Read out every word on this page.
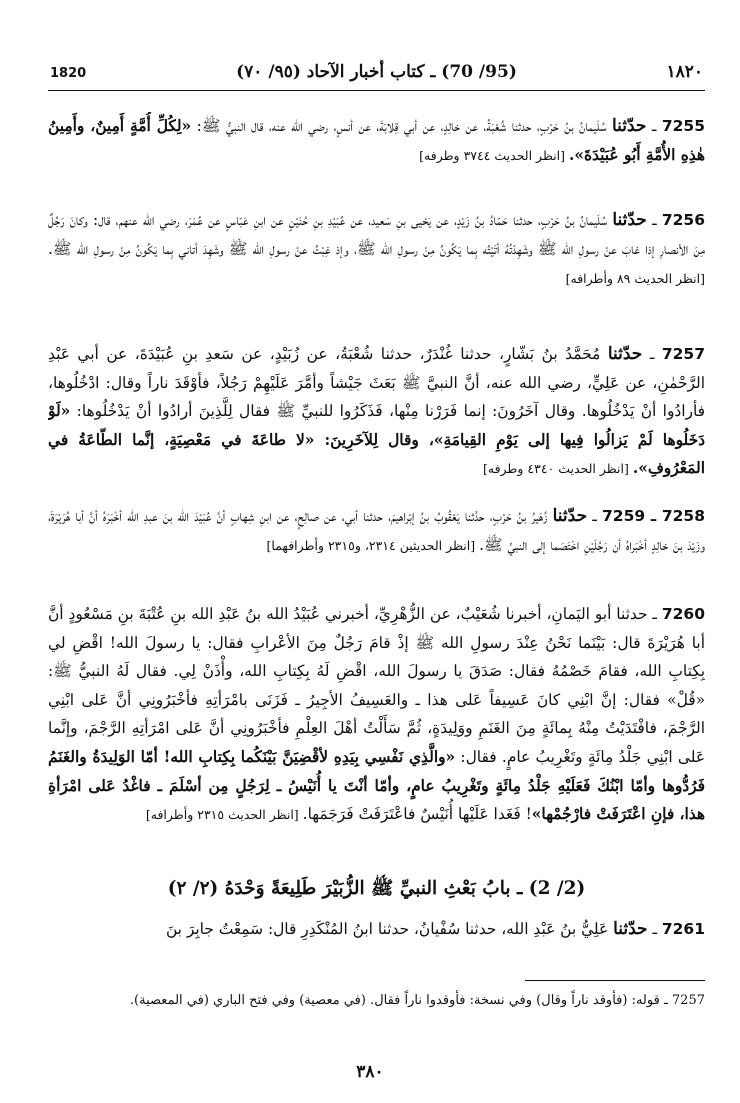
1820	(95/ 70) ـ كتاب أخبار الآحاد (٩٥/ ٧٠)	١٨٢٠
7255 ـ حدّثنا سُلَيمانُ بنُ حَرْبٍ، حدثنا شُعْبَةُ، عن خالِدٍ، عن أبي قِلابَةَ، عن أنسٍ، رضي الله عنه، قال النبيُّ ﷺ: «لِكُلِّ أُمَّةٍ أَمِينٌ، وأَمِينُ هٰذِهِ الأُمَّةِ أَبُو عُبَيْدَةَ». [انظر الحديث ٣٧٤٤ وطرفه]
7256 ـ حدّثنا سُلَيمانُ بنُ حَرْبٍ، حدثنا حَمّادُ بنُ زَيْدٍ، عن يَحْيى بنِ سَعيد، عن عُبَيْدِ بنِ حُنَيْنٍ عن ابنِ عَبّاسٍ عن عُمَرَ، رضي الله عنهم، قال: وكانَ رَجُلٌ مِنَ الأنصارِ إذا غابَ عنْ رسولِ الله ﷺ وشَهِدْتُهُ أتَيْتُه بِما يَكُونُ مِنْ رسولِ الله ﷺ، وإذ غِبْتُ عنْ رسولِ الله ﷺ وشَهِدَ أتاني بِما يَكُونُ مِنْ رسولِ الله ﷺ. [انظر الحديث ٨٩ وأطرافه]
7257 ـ حدّثنا مُحَمَّدُ بنُ بَشّارٍ، حدثنا غُنْدَرٌ، حدثنا شُعْبَةُ، عن زُبَيْدٍ، عن سَعدِ بنِ عُبَيْدَةَ، عن أبي عَبْدِ الرَّحْمٰنِ، عن عَلِيٍّ، رضي الله عنه، أنَّ النبيَّ ﷺ بَعَثَ جَيْشاً وأمَّرَ عَلَيْهِمْ رَجُلاً، فأوْقَدَ ناراً وقال: ادْخُلُوها، فأرادُوا أنْ يَدْخُلُوها. وقال آخَرُونَ: إنما فَرَرْنا مِنْها، فَذَكَرُوا للنبيِّ ﷺ فقال لِلَّذِينَ أرادُوا أنْ يَدْخُلُوها: «لَوْ دَخَلُوها لَمْ يَزالُوا فِيها إلى يَوْمِ القِيامَةِ»، وقال لِلآخَرِينَ: «لا طاعَةَ في مَعْصِيَةٍ، إنَّما الطّاعَةُ في المَعْرُوفِ». [انظر الحديث ٤٣٤٠ وطرفه]
7258 ـ 7259 ـ حدّثنا زُهَيرُ بنُ حَرْبٍ، حدَّثنا يَعْقُوبُ بنُ إبْراهيمَ، حدثنا أبي، عن صالِحٍ، عن ابنِ شِهابٍ أنَّ عُبَيْدَ الله بنَ عبدِ الله أخْبَرَهُ أنَّ أبا هُرَيْرَةَ، وزَيْدَ بنَ خالِدٍ أخْبَراهُ أن رَجُلَيْنِ اخْتَصَما إلى النبيِّ ﷺ. [انظر الحديثين ٢٣١٤، و٢٣١٥ وأطرافهما]
7260 ـ حدثنا أبو اليَمانِ، أخبرنا شُعَيْبٌ، عن الزُّهْرِيِّ، أخبرني عُبَيْدُ الله بنُ عَبْدِ الله بنِ عُتْبَةَ بنِ مَسْعُودٍ أنَّ أبا هُرَيْرَةَ قال: بَيْنَما نَحْنُ عِنْدَ رسولِ الله ﷺ إذْ قامَ رَجُلٌ مِنَ الأعْرابِ فقال: يا رسولَ الله! اقْضِ لي بِكِتابِ الله، فقامَ خَصْمُهُ فقال: صَدَقَ يا رسولَ الله، اقْضِ لَهُ بِكِتابِ الله، وأْذَنْ لِي. فقال لَهُ النبيُّ ﷺ: «قُلْ» فقال: إنَّ ابْنِي كانَ عَسِيفاً عَلى هذا ـ والعَسِيفُ الأجِيرُ ـ فَزَنَى بامْرَأتِهِ فأخْبَرُونِي أنَّ عَلى ابْنِي الرَّجْمَ، فافْتَدَيْتُ مِنْهُ بِمائَةٍ مِنَ الغَنَمِ ووَلِيدَةٍ، ثُمَّ سَأَلْتُ أهْلَ العِلْمِ فأخْبَرُونِي أنَّ عَلى امْرَأتِهِ الرَّجْمَ، وإنَّما عَلى ابْنِي جَلْدُ مِائَةٍ وتَغْرِيبُ عامٍ. فقال: «والَّذِي نَفْسِي بِيَدِهِ لأقْضِيَنَّ بَيْنَكُما بِكِتابِ الله! أمّا الوَلِيدَةُ والغَنَمُ فَرُدُّوها وأمّا ابْنُكَ فَعَلَيْهِ جَلْدُ مِائَةٍ وتَغْرِيبُ عامٍ، وأمّا أنْتَ يا أُنَيْسُ ـ لِرَجُلٍ مِن أسْلَمَ ـ فاغْدُ عَلى امْرَأةِ هذا، فإنِ اعْتَرَفَتْ فارْجُمْها»! فَغَدا عَلَيْها أُنَيْسٌ فاعْتَرَفَتْ فَرَجَمَها. [انظر الحديث ٢٣١٥ وأطرافه]
(2/ 2) ـ بابُ بَعْثِ النبيِّ ﷺ الزُّبَيْرَ طَلِيعَةً وَحْدَهُ (٢/ ٢)
7261 ـ حدّثنا عَلِيُّ بنُ عَبْدِ الله، حدثنا سُفْيانُ، حدثنا ابنُ المُنْكَدِرِ قال: سَمِعْتُ جابِرَ بنَ
7257 ـ قوله: (فأوقد ناراً وقال) وفي نسخة: فأوقدوا ناراً فقال. (في معصية) وفي فتح الباري (في المعصية).
٣٨٠
